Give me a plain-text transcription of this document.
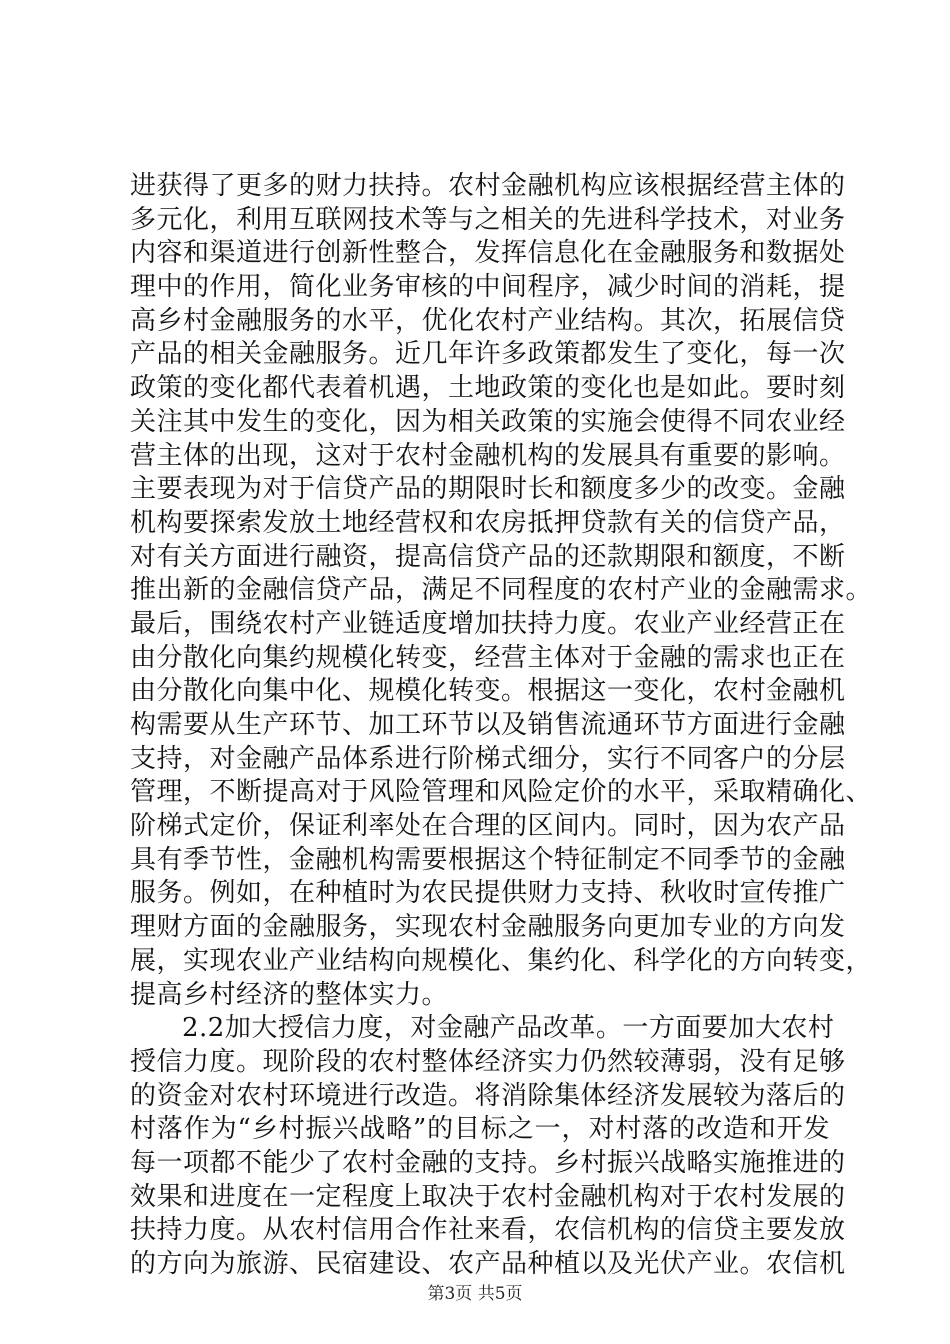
进获得了更多的财力扶持。农村金融机构应该根据经营主体的
多元化，利用互联网技术等与之相关的先进科学技术，对业务
内容和渠道进行创新性整合，发挥信息化在金融服务和数据处
理中的作用，简化业务审核的中间程序，减少时间的消耗，提
高乡村金融服务的水平，优化农村产业结构。其次，拓展信贷
产品的相关金融服务。近几年许多政策都发生了变化，每一次
政策的变化都代表着机遇，土地政策的变化也是如此。要时刻
关注其中发生的变化，因为相关政策的实施会使得不同农业经
营主体的出现，这对于农村金融机构的发展具有重要的影响。
主要表现为对于信贷产品的期限时长和额度多少的改变。金融
机构要探索发放土地经营权和农房抵押贷款有关的信贷产品，
对有关方面进行融资，提高信贷产品的还款期限和额度，不断
推出新的金融信贷产品，满足不同程度的农村产业的金融需求。
最后，围绕农村产业链适度增加扶持力度。农业产业经营正在
由分散化向集约规模化转变，经营主体对于金融的需求也正在
由分散化向集中化、规模化转变。根据这一变化，农村金融机
构需要从生产环节、加工环节以及销售流通环节方面进行金融
支持，对金融产品体系进行阶梯式细分，实行不同客户的分层
管理，不断提高对于风险管理和风险定价的水平，采取精确化、
阶梯式定价，保证利率处在合理的区间内。同时，因为农产品
具有季节性，金融机构需要根据这个特征制定不同季节的金融
服务。例如，在种植时为农民提供财力支持、秋收时宣传推广
理财方面的金融服务，实现农村金融服务向更加专业的方向发
展，实现农业产业结构向规模化、集约化、科学化的方向转变，
提高乡村经济的整体实力。
2.2加大授信力度，对金融产品改革。一方面要加大农村
授信力度。现阶段的农村整体经济实力仍然较薄弱，没有足够
的资金对农村环境进行改造。将消除集体经济发展较为落后的
村落作为“乡村振兴战略”的目标之一，对村落的改造和开发
每一项都不能少了农村金融的支持。乡村振兴战略实施推进的
效果和进度在一定程度上取决于农村金融机构对于农村发展的
扶持力度。从农村信用合作社来看，农信机构的信贷主要发放
的方向为旅游、民宿建设、农产品种植以及光伏产业。农信机
第3页 共5页
